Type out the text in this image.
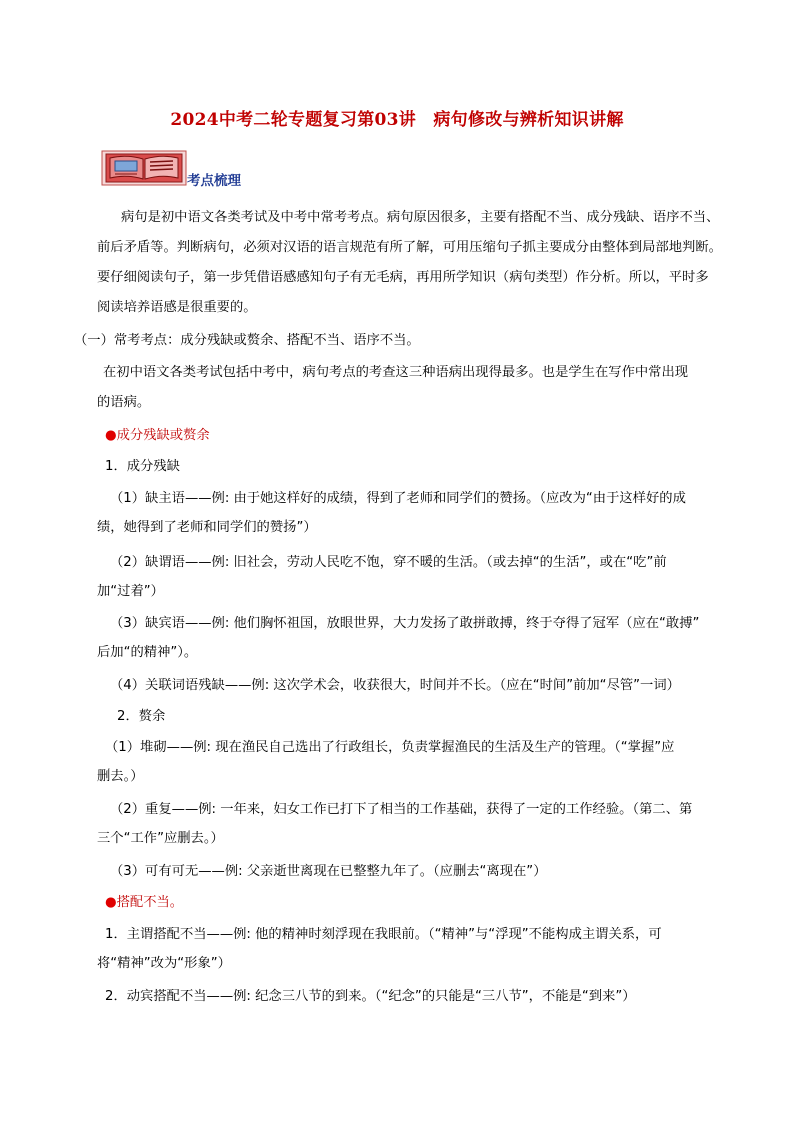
2024中考二轮专题复习第03讲　病句修改与辨析知识讲解
考点梳理
病句是初中语文各类考试及中考中常考考点。病句原因很多，主要有搭配不当、成分残缺、语序不当、
前后矛盾等。判断病句，必须对汉语的语言规范有所了解，可用压缩句子抓主要成分由整体到局部地判断。
要仔细阅读句子，第一步凭借语感感知句子有无毛病，再用所学知识（病句类型）作分析。所以，平时多
阅读培养语感是很重要的。
（一）常考考点：成分残缺或赘余、搭配不当、语序不当。
在初中语文各类考试包括中考中，病句考点的考查这三种语病出现得最多。也是学生在写作中常出现
的语病。
●成分残缺或赘余
1．成分残缺
（1）缺主语——例: 由于她这样好的成绩，得到了老师和同学们的赞扬。（应改为“由于这样好的成
绩，她得到了老师和同学们的赞扬”）
（2）缺谓语——例: 旧社会，劳动人民吃不饱，穿不暖的生活。（或去掉“的生活”，或在“吃”前
加“过着”）
（3）缺宾语——例: 他们胸怀祖国，放眼世界，大力发扬了敢拼敢搏，终于夺得了冠军（应在“敢搏”
后加“的精神”）。
（4）关联词语残缺——例: 这次学术会，收获很大，时间并不长。（应在“时间”前加“尽管”一词）
2．赘余
（1）堆砌——例: 现在渔民自己选出了行政组长，负责掌握渔民的生活及生产的管理。（“掌握”应
删去。）
（2）重复——例: 一年来，妇女工作已打下了相当的工作基础，获得了一定的工作经验。（第二、第
三个“工作”应删去。）
（3）可有可无——例: 父亲逝世离现在已整整九年了。（应删去“离现在”）
●搭配不当。
1．主谓搭配不当——例: 他的精神时刻浮现在我眼前。（“精神”与“浮现”不能构成主谓关系，可
将“精神”改为“形象”）
2．动宾搭配不当——例: 纪念三八节的到来。（“纪念”的只能是“三八节”，不能是“到来”）
